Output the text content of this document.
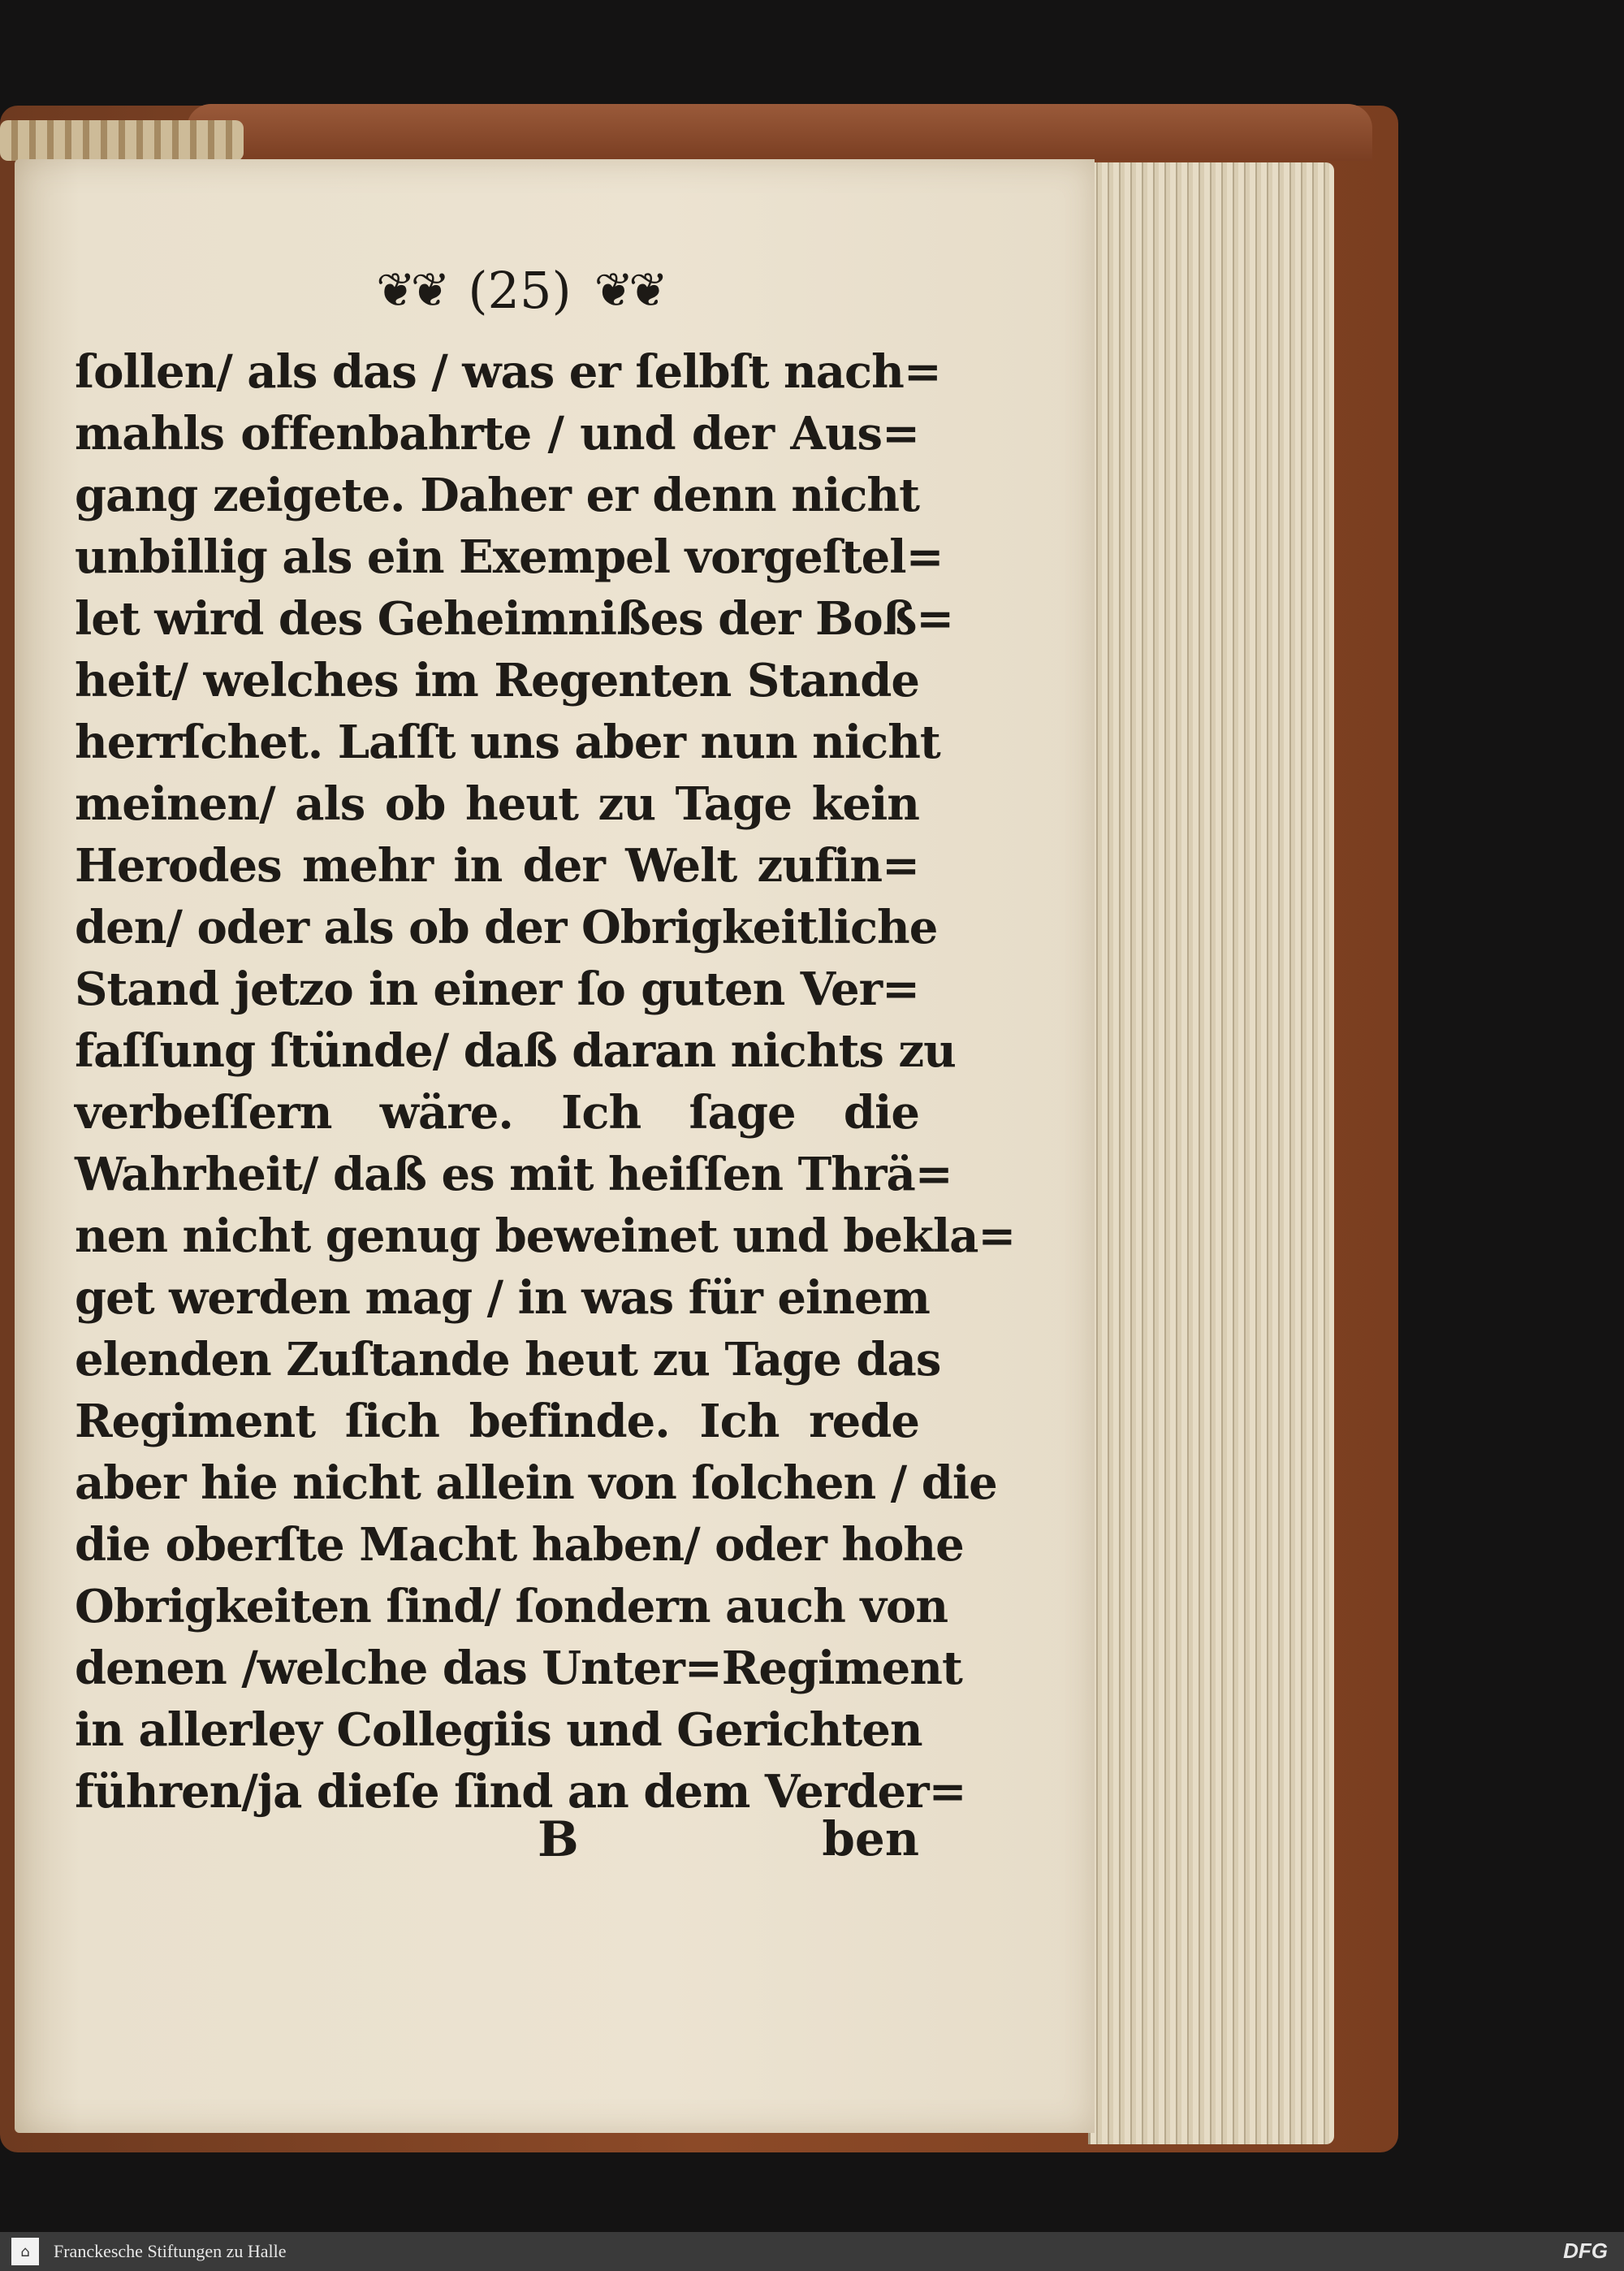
❦❦ (25) ❦❦
ſollen/ als das / was er ſelbſt nach=
mahls offenbahrte / und der Aus=
gang zeigete. Daher er denn nicht
unbillig als ein Exempel vorgeſtel=
let wird des Geheimnißes der Boß=
heit/ welches im Regenten Stande
herrſchet. Laſſt uns aber nun nicht
meinen/ als ob heut zu Tage kein
Herodes mehr in der Welt zufin=
den/ oder als ob der Obrigkeitliche
Stand jetzo in einer ſo guten Ver=
faſſung ſtünde/ daß daran nichts zu
verbeſſern wäre. Ich ſage die
Wahrheit/ daß es mit heiſſen Thrä=
nen nicht genug beweinet und bekla=
get werden mag / in was für einem
elenden Zuſtande heut zu Tage das
Regiment ſich befinde. Ich rede
aber hie nicht allein von ſolchen / die
die oberſte Macht haben/ oder hohe
Obrigkeiten ſind/ ſondern auch von
denen /welche das Unter=Regiment
in allerley Collegiis und Gerichten
führen/ja dieſe ſind an dem Verder=
B	ben
⌂	Franckesche Stiftungen zu Halle	DFG
